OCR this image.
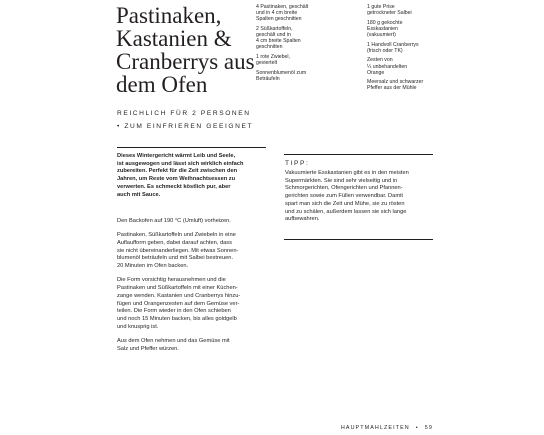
Pastinaken,
Kastanien &
Cranberrys aus
dem Ofen
REICHLICH FÜR 2 PERSONEN
• ZUM EINFRIEREN GEEIGNET
4 Pastinaken, geschält
und in 4 cm breite
Spalten geschnitten
2 Süßkartoffeln,
geschält und in
4 cm breite Spalten
geschnitten
1 rote Zwiebel,
geviertelt
Sonnenblumenöl zum
Beträufeln
1 gute Prise
getrockneter Salbei
180 g gekochte
Esskastanien
(vakuumiert)
1 Handvoll Cranberrys
(frisch oder TK)
Zesten von
¼ unbehandelten
Orange
Meersalz und schwarzer
Pfeffer aus der Mühle
Dieses Wintergericht wärmt Leib und Seele,
ist ausgewogen und lässt sich wirklich einfach
zubereiten. Perfekt für die Zeit zwischen den
Jahren, um Reste vom Weihnachtsessen zu
verwerten. Es schmeckt köstlich pur, aber
auch mit Sauce.

Den Backofen auf 190 °C (Umluft) vorheizen.

Pastinaken, Süßkartoffeln und Zwiebeln in eine
Auflaufform geben, dabei darauf achten, dass
sie nicht übereinanderliegen. Mit etwas Sonnen-
blumenöl beträufeln und mit Salbei bestreuen.
20 Minuten im Ofen backen.

Die Form vorsichtig herausnehmen und die
Pastinaken und Süßkartoffeln mit einer Küchen-
zange wenden. Kastanien und Cranberrys hinzu-
fügen und Orangenzesten auf dem Gemüse ver-
teilen. Die Form wieder in den Ofen schieben
und noch 15 Minuten backen, bis alles goldgelb
und knusprig ist.

Aus dem Ofen nehmen und das Gemüse mit
Salz und Pfeffer würzen.

TIPP:
Vakuumierte Esskastanien gibt es in den meisten
Supermärkten. Sie sind sehr vielseitig und in
Schmorgerichten, Ofengerichten und Pfannen-
gerichten sowie zum Füllen verwendbar. Damit
spart man sich die Zeit und Mühe, sie zu rösten
und zu schälen, außerdem lassen sie sich lange
aufbewahren.
HAUPTMAHLZEITEN • 59
